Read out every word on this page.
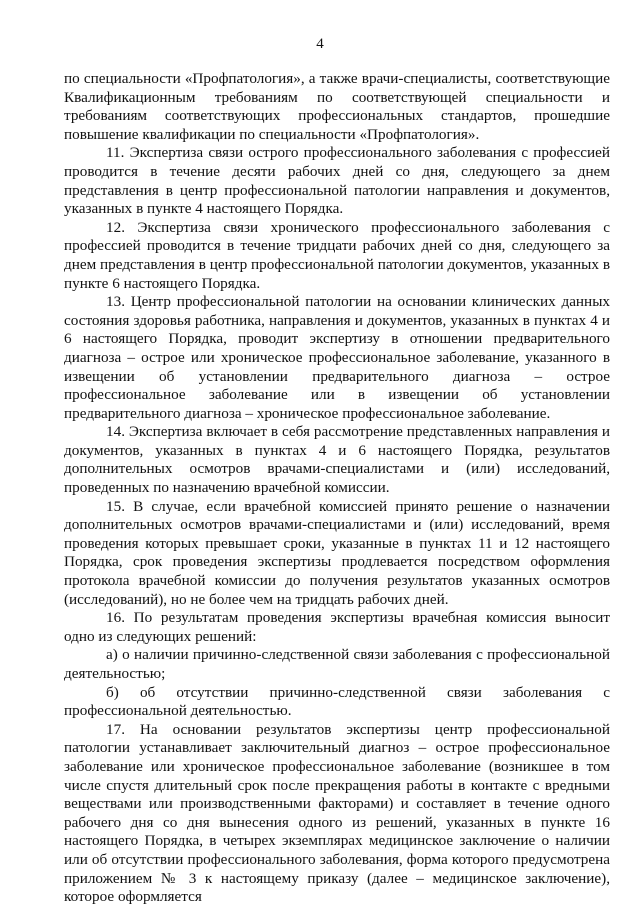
4

по специальности «Профпатология», а также врачи-специалисты, соответствующие Квалификационным требованиям по соответствующей специальности и требованиям соответствующих профессиональных стандартов, прошедшие повышение квалификации по специальности «Профпатология».

11. Экспертиза связи острого профессионального заболевания с профессией проводится в течение десяти рабочих дней со дня, следующего за днем представления в центр профессиональной патологии направления и документов, указанных в пункте 4 настоящего Порядка.

12. Экспертиза связи хронического профессионального заболевания с профессией проводится в течение тридцати рабочих дней со дня, следующего за днем представления в центр профессиональной патологии документов, указанных в пункте 6 настоящего Порядка.

13. Центр профессиональной патологии на основании клинических данных состояния здоровья работника, направления и документов, указанных в пунктах 4 и 6 настоящего Порядка, проводит экспертизу в отношении предварительного диагноза – острое или хроническое профессиональное заболевание, указанного в извещении об установлении предварительного диагноза – острое профессиональное заболевание или в извещении об установлении предварительного диагноза – хроническое профессиональное заболевание.

14. Экспертиза включает в себя рассмотрение представленных направления и документов, указанных в пунктах 4 и 6 настоящего Порядка, результатов дополнительных осмотров врачами-специалистами и (или) исследований, проведенных по назначению врачебной комиссии.

15. В случае, если врачебной комиссией принято решение о назначении дополнительных осмотров врачами-специалистами и (или) исследований, время проведения которых превышает сроки, указанные в пунктах 11 и 12 настоящего Порядка, срок проведения экспертизы продлевается посредством оформления протокола врачебной комиссии до получения результатов указанных осмотров (исследований), но не более чем на тридцать рабочих дней.

16. По результатам проведения экспертизы врачебная комиссия выносит одно из следующих решений:

а) о наличии причинно-следственной связи заболевания с профессиональной деятельностью;

б) об отсутствии причинно-следственной связи заболевания с профессиональной деятельностью.

17. На основании результатов экспертизы центр профессиональной патологии устанавливает заключительный диагноз – острое профессиональное заболевание или хроническое профессиональное заболевание (возникшее в том числе спустя длительный срок после прекращения работы в контакте с вредными веществами или производственными факторами) и составляет в течение одного рабочего дня со дня вынесения одного из решений, указанных в пункте 16 настоящего Порядка, в четырех экземплярах медицинское заключение о наличии или об отсутствии профессионального заболевания, форма которого предусмотрена приложением № 3 к настоящему приказу (далее – медицинское заключение), которое оформляется
